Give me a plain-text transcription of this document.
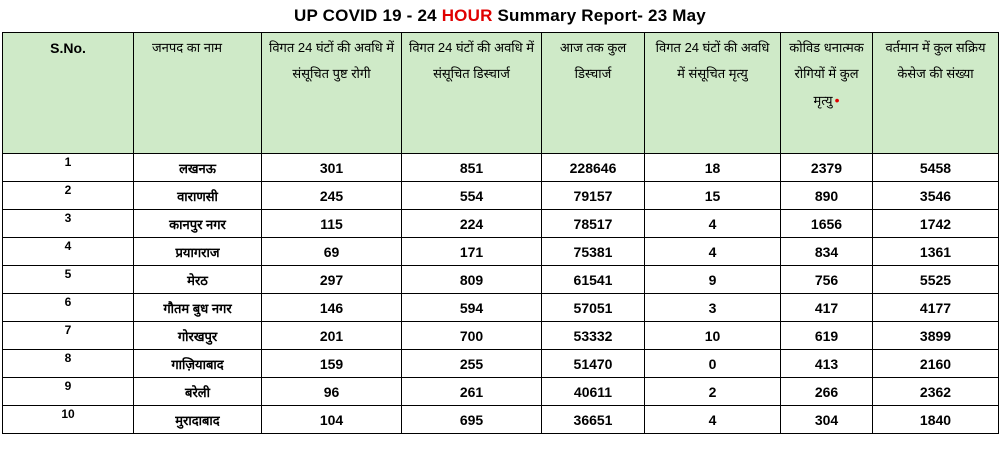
UP COVID 19 - 24 HOUR Summary Report- 23 May
S.No.	जनपद का नाम	विगत 24 घंटों की अवधि में संसूचित पुष्ट रोगी	विगत 24 घंटों की अवधि में संसूचित डिस्चार्ज	आज तक कुल डिस्चार्ज	विगत 24 घंटों की अवधि में संसूचित मृत्यु	कोविड धनात्मक रोगियों में कुल मृत्यु •	वर्तमान में कुल सक्रिय केसेज की संख्या
1	लखनऊ	301	851	228646	18	2379	5458
2	वाराणसी	245	554	79157	15	890	3546
3	कानपुर नगर	115	224	78517	4	1656	1742
4	प्रयागराज	69	171	75381	4	834	1361
5	मेरठ	297	809	61541	9	756	5525
6	गौतम बुध नगर	146	594	57051	3	417	4177
7	गोरखपुर	201	700	53332	10	619	3899
8	गाज़ियाबाद	159	255	51470	0	413	2160
9	बरेली	96	261	40611	2	266	2362
10	मुरादाबाद	104	695	36651	4	304	1840
